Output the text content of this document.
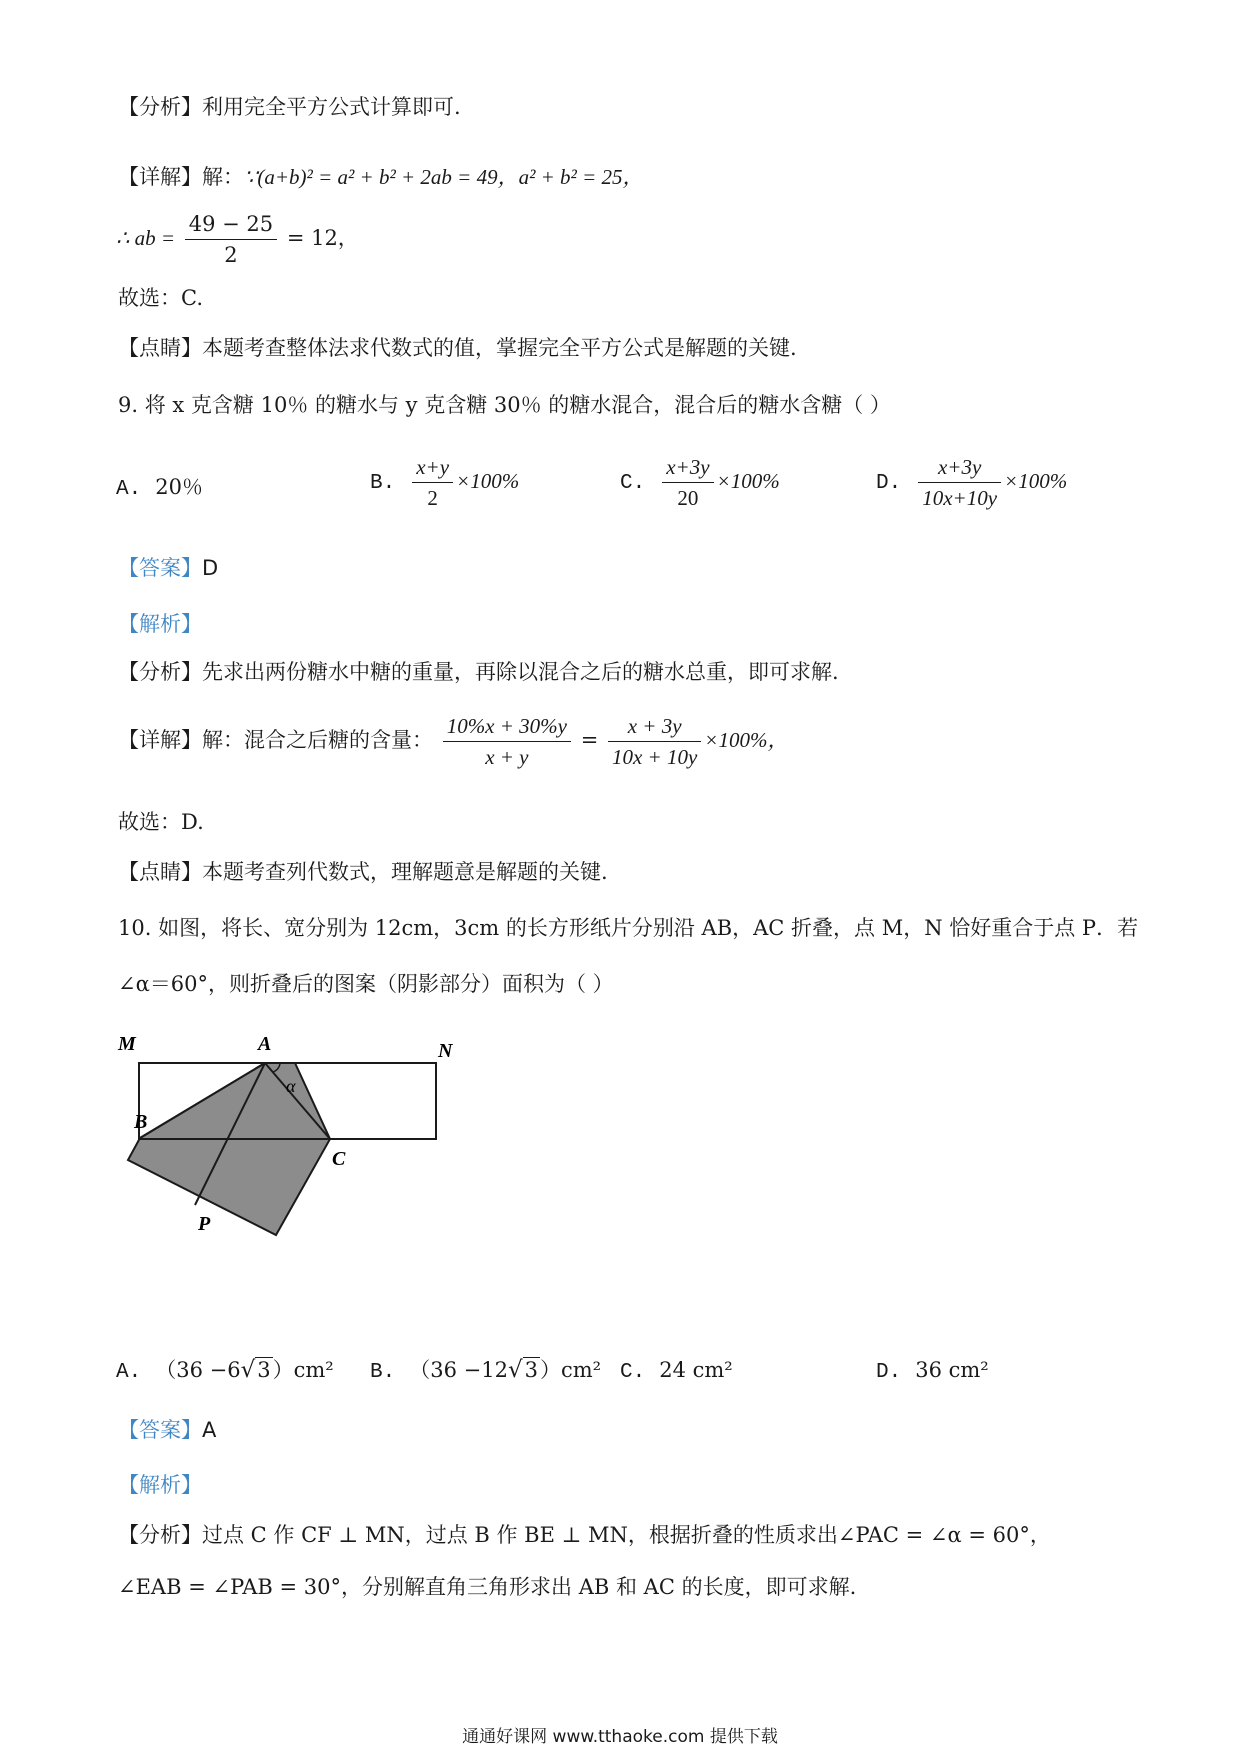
【分析】利用完全平方公式计算即可.
【详解】解：∵(a+b)² = a² + b² + 2ab = 49，a² + b² = 25，
∴ ab = $\frac{49 - 25}{2} = 12$，
故选：C.
【点睛】本题考查整体法求代数式的值，掌握完全平方公式是解题的关键.
9. 将 x 克含糖 10％ 的糖水与 y 克含糖 30％ 的糖水混合，混合后的糖水含糖（ ）
A. 20％	B. $\frac{x+y}{2} \times 100\%$	C. $\frac{x+3y}{20} \times 100\%$	D. $\frac{x+3y}{10x+10y} \times 100\%$
【答案】D
【解析】
【分析】先求出两份糖水中糖的重量，再除以混合之后的糖水总重，即可求解.
【详解】解：混合之后糖的含量： $\frac{10\%x + 30\%y}{x + y} = \frac{x + 3y}{10x + 10y} \times 100\%$，
故选：D.
【点睛】本题考查列代数式，理解题意是解题的关键.
10. 如图，将长、宽分别为 12cm，3cm 的长方形纸片分别沿 AB，AC 折叠，点 M，N 恰好重合于点 P．若
∠α＝60°，则折叠后的图案（阴影部分）面积为（ ）
M	A	N
B
C
P
α
A. （36 −6√3）cm² B. （36 −12√3）cm² C. 24 cm²	D. 36 cm²
【答案】A
【解析】
【分析】过点 C 作 CF ⊥ MN，过点 B 作 BE ⊥ MN，根据折叠的性质求出∠PAC = ∠α = 60°，
∠EAB = ∠PAB = 30°，分别解直角三角形求出 AB 和 AC 的长度，即可求解.
通通好课网 www.tthaoke.com 提供下载
